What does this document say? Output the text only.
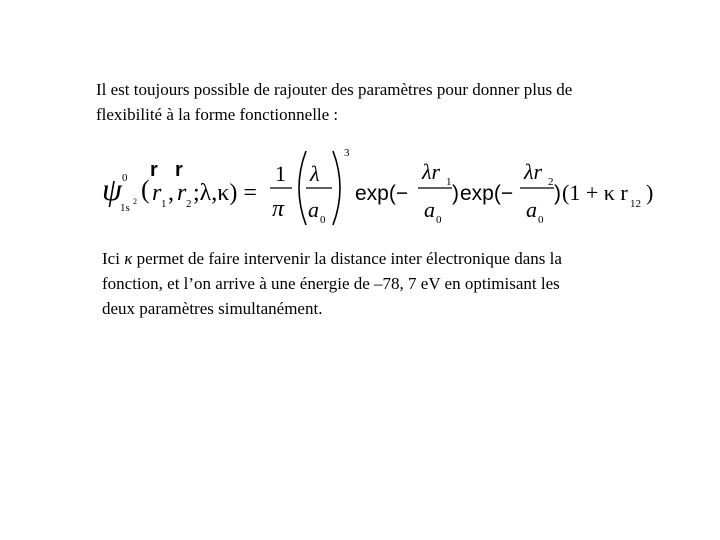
Il est toujours possible de rajouter des paramètres pour donner plus de
flexibilité à la forme fonctionnelle :
ψ 0
1s
2 (
r
r 1 ,
r
r 2 ;λ,κ) =
1
π
λ
a 0
3
exp(−
λr 1
a 0
) exp(−
λr 2
a 0
) (1 + κ r 12 )
Ici κ permet de faire intervenir la distance inter électronique dans la
fonction, et l’on arrive à une énergie de –78, 7 eV en optimisant les
deux paramètres simultanément.
